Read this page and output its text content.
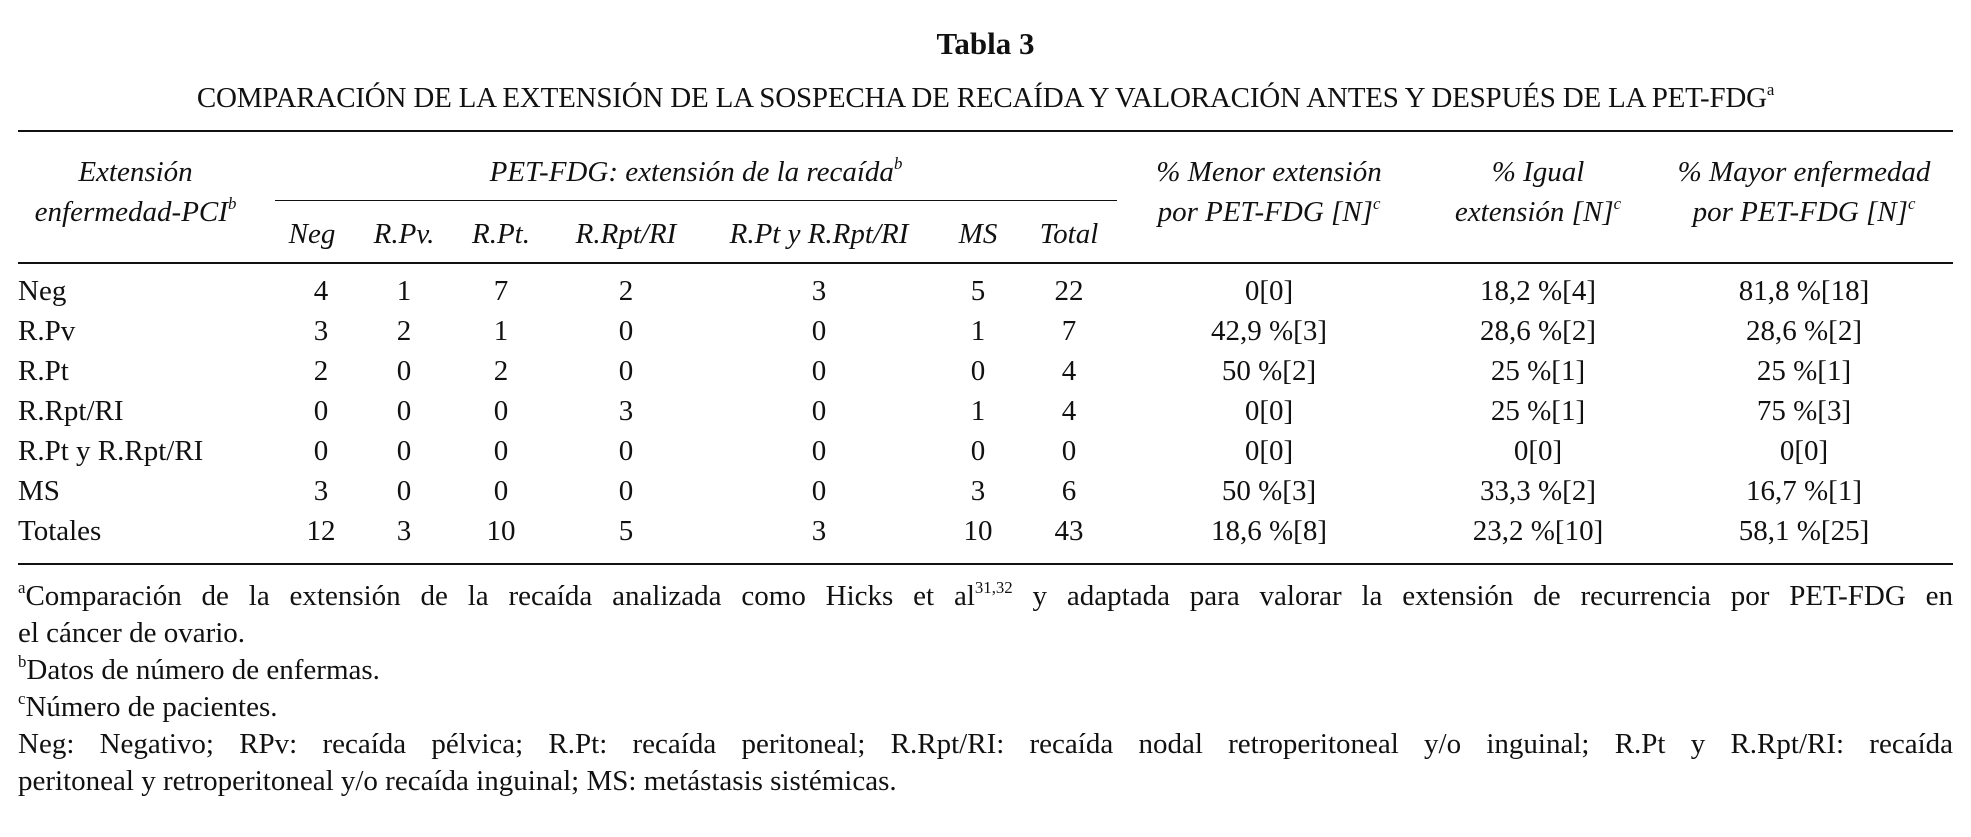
Tabla 3
COMPARACIÓN DE LA EXTENSIÓN DE LA SOSPECHA DE RECAÍDA Y VALORACIÓN ANTES Y DESPUÉS DE LA PET-FDG$^a$
Extensión
enfermedad-PCI$^b$
PET-FDG: extensión de la recaída$^b$
Neg	R.Pv.	R.Pt.	R.Rpt/RI	R.Pt y R.Rpt/RI	MS	Total
% Menor extensión
por PET-FDG $[N]^c$
% Igual
extensión $[N]^c$
% Mayor enfermedad
por PET-FDG $[N]^c$
Neg	4	1	7	2	3	5	22	0[0]	18,2 %[4]	81,8 %[18]
R.Pv	3	2	1	0	0	1	7	42,9 %[3]	28,6 %[2]	28,6 %[2]
R.Pt	2	0	2	0	0	0	4	50 %[2]	25 %[1]	25 %[1]
R.Rpt/RI	0	0	0	3	0	1	4	0[0]	25 %[1]	75 %[3]
R.Pt y R.Rpt/RI	0	0	0	0	0	0	0	0[0]	0[0]	0[0]
MS	3	0	0	0	0	3	6	50 %[3]	33,3 %[2]	16,7 %[1]
Totales	12	3	10	5	3	10	43	18,6 %[8]	23,2 %[10]	58,1 %[25]
$^a$Comparación de la extensión de la recaída analizada como Hicks et al$^{31,32}$ y adaptada para valorar la extensión de recurrencia por PET-FDG en
el cáncer de ovario.
$^b$Datos de número de enfermas.
$^c$Número de pacientes.
Neg: Negativo; RPv: recaída pélvica; R.Pt: recaída peritoneal; R.Rpt/RI: recaída nodal retroperitoneal y/o inguinal; R.Pt y R.Rpt/RI: recaída
peritoneal y retroperitoneal y/o recaída inguinal; MS: metástasis sistémicas.
